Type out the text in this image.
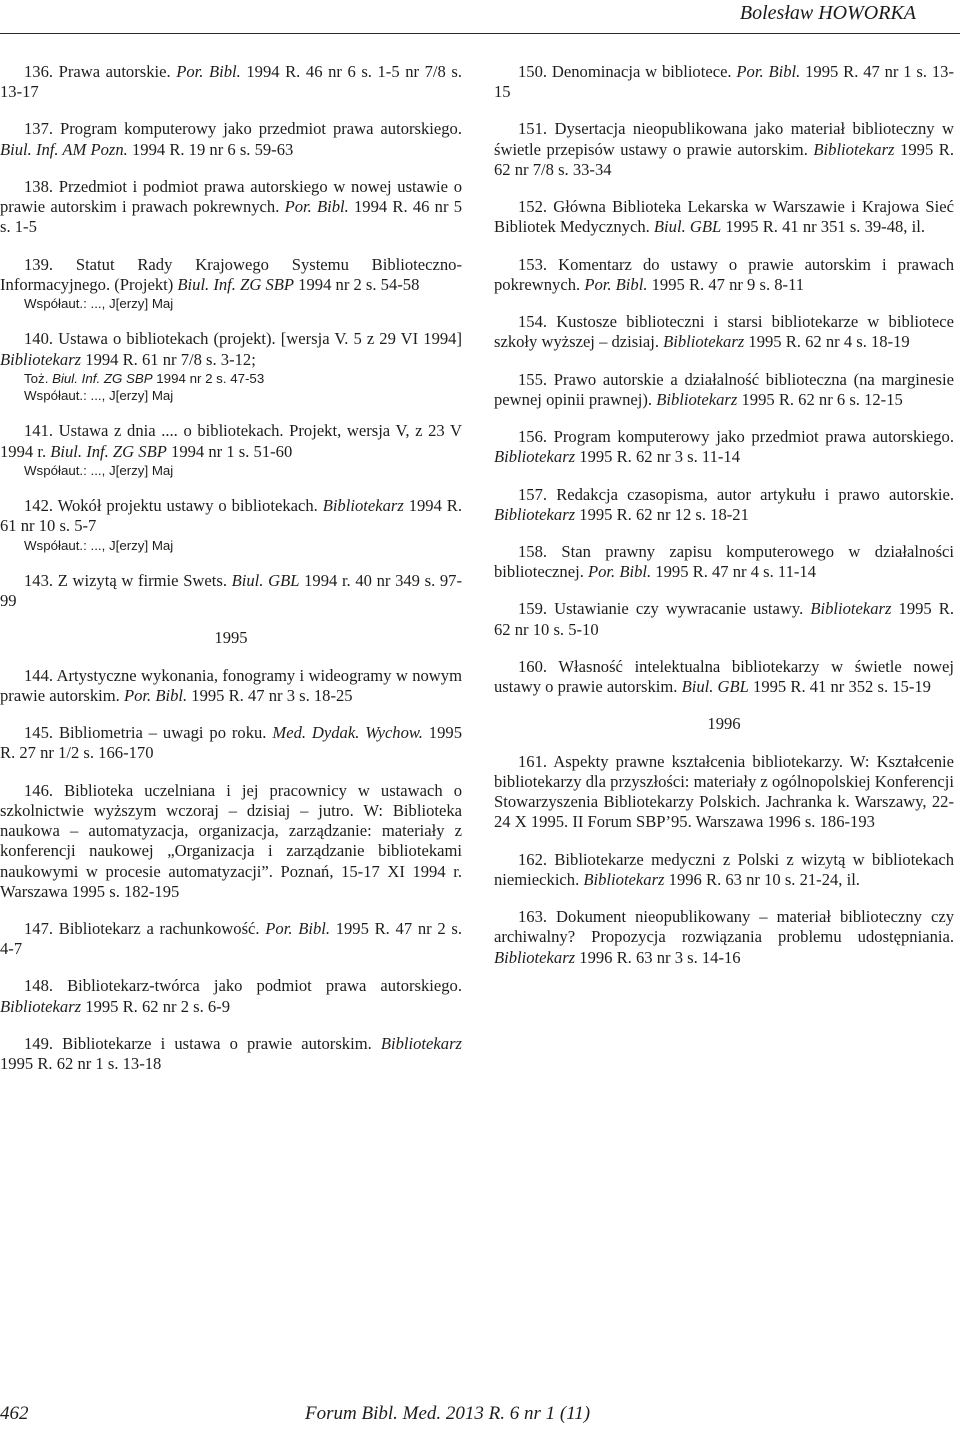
Bolesław HOWORKA

136. Prawa autorskie. Por. Bibl. 1994 R. 46 nr 6 s. 1-5 nr 7/8 s. 13-17

137. Program komputerowy jako przedmiot prawa autorskiego. Biul. Inf. AM Pozn. 1994 R. 19 nr 6 s. 59-63

138. Przedmiot i podmiot prawa autorskiego w nowej ustawie o prawie autorskim i prawach pokrewnych. Por. Bibl. 1994 R. 46 nr 5 s. 1-5

139. Statut Rady Krajowego Systemu Biblioteczno-Informacyjnego. (Projekt) Biul. Inf. ZG SBP 1994 nr 2 s. 54-58

Współaut.: ..., J[erzy] Maj

140. Ustawa o bibliotekach (projekt). [wersja V. 5 z 29 VI 1994] Bibliotekarz 1994 R. 61 nr 7/8 s. 3-12;

Toż. Biul. Inf. ZG SBP 1994 nr 2 s. 47-53

Współaut.: ..., J[erzy] Maj

141. Ustawa z dnia .... o bibliotekach. Projekt, wersja V, z 23 V 1994 r. Biul. Inf. ZG SBP 1994 nr 1 s. 51-60

Współaut.: ..., J[erzy] Maj

142. Wokół projektu ustawy o bibliotekach. Bibliotekarz 1994 R. 61 nr 10 s. 5-7

Współaut.: ..., J[erzy] Maj

143. Z wizytą w firmie Swets. Biul. GBL 1994 r. 40 nr 349 s. 97-99

1995

144. Artystyczne wykonania, fonogramy i wideogramy w nowym prawie autorskim. Por. Bibl. 1995 R. 47 nr 3 s. 18-25

145. Bibliometria – uwagi po roku. Med. Dydak. Wychow. 1995 R. 27 nr 1/2 s. 166-170

146. Biblioteka uczelniana i jej pracownicy w ustawach o szkolnictwie wyższym wczoraj – dzisiaj – jutro. W: Biblioteka naukowa – automatyzacja, organizacja, zarządzanie: materiały z konferencji naukowej „Organizacja i zarządzanie bibliotekami naukowymi w procesie automatyzacji”. Poznań, 15-17 XI 1994 r. Warszawa 1995 s. 182-195

147. Bibliotekarz a rachunkowość. Por. Bibl. 1995 R. 47 nr 2 s. 4-7

148. Bibliotekarz-twórca jako podmiot prawa autorskiego. Bibliotekarz 1995 R. 62 nr 2 s. 6-9

149. Bibliotekarze i ustawa o prawie autorskim. Bibliotekarz 1995 R. 62 nr 1 s. 13-18

150. Denominacja w bibliotece. Por. Bibl. 1995 R. 47 nr 1 s. 13-15

151. Dysertacja nieopublikowana jako materiał biblioteczny w świetle przepisów ustawy o prawie autorskim. Bibliotekarz 1995 R. 62 nr 7/8 s. 33-34

152. Główna Biblioteka Lekarska w Warszawie i Krajowa Sieć Bibliotek Medycznych. Biul. GBL 1995 R. 41 nr 351 s. 39-48, il.

153. Komentarz do ustawy o prawie autorskim i prawach pokrewnych. Por. Bibl. 1995 R. 47 nr 9 s. 8-11

154. Kustosze biblioteczni i starsi bibliotekarze w bibliotece szkoły wyższej – dzisiaj. Bibliotekarz 1995 R. 62 nr 4 s. 18-19

155. Prawo autorskie a działalność biblioteczna (na marginesie pewnej opinii prawnej). Bibliotekarz 1995 R. 62 nr 6 s. 12-15

156. Program komputerowy jako przedmiot prawa autorskiego. Bibliotekarz 1995 R. 62 nr 3 s. 11-14

157. Redakcja czasopisma, autor artykułu i prawo autorskie. Bibliotekarz 1995 R. 62 nr 12 s. 18-21

158. Stan prawny zapisu komputerowego w działalności bibliotecznej. Por. Bibl. 1995 R. 47 nr 4 s. 11-14

159. Ustawianie czy wywracanie ustawy. Bibliotekarz 1995 R. 62 nr 10 s. 5-10

160. Własność intelektualna bibliotekarzy w świetle nowej ustawy o prawie autorskim. Biul. GBL 1995 R. 41 nr 352 s. 15-19

1996

161. Aspekty prawne kształcenia bibliotekarzy. W: Kształcenie bibliotekarzy dla przyszłości: materiały z ogólnopolskiej Konferencji Stowarzyszenia Bibliotekarzy Polskich. Jachranka k. Warszawy, 22-24 X 1995. II Forum SBP’95. Warszawa 1996 s. 186-193

162. Bibliotekarze medyczni z Polski z wizytą w bibliotekach niemieckich. Bibliotekarz 1996 R. 63 nr 10 s. 21-24, il.

163. Dokument nieopublikowany – materiał biblioteczny czy archiwalny? Propozycja rozwiązania problemu udostępniania. Bibliotekarz 1996 R. 63 nr 3 s. 14-16

462	Forum Bibl. Med. 2013 R. 6 nr 1 (11)
